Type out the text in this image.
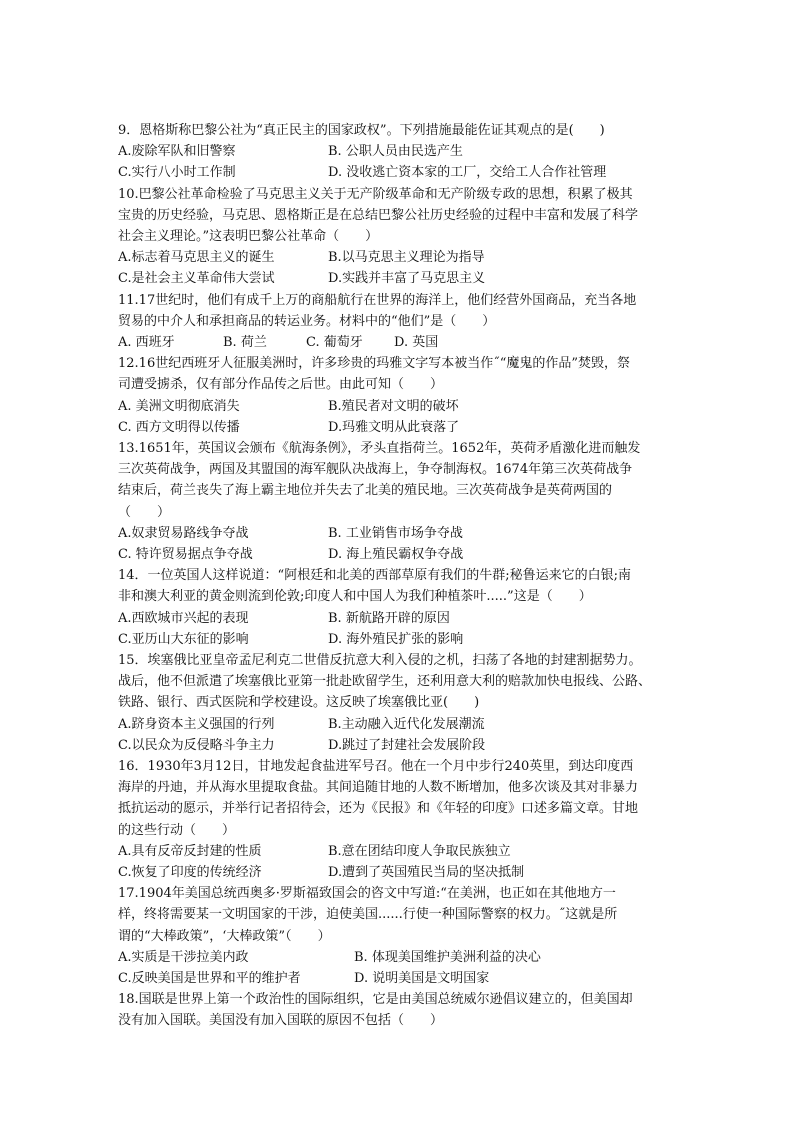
9．恩格斯称巴黎公社为“真正民主的国家政权”。下列措施最能佐证其观点的是(　　)
A.废除军队和旧警察	B. 公职人员由民选产生
C.实行八小时工作制	D. 没收逃亡资本家的工厂，交给工人合作社管理
10.巴黎公社革命检验了马克思主义关于无产阶级革命和无产阶级专政的思想，积累了极其
宝贵的历史经验，马克思、恩格斯正是在总结巴黎公社历史经验的过程中丰富和发展了科学
社会主义理论。”这表明巴黎公社革命（　　）
A.标志着马克思主义的诞生	B.以马克思主义理论为指导
C.是社会主义革命伟大尝试	D.实践并丰富了马克思主义
11.17世纪时，他们有成千上万的商船航行在世界的海洋上，他们经营外国商品，充当各地
贸易的中介人和承担商品的转运业务。材料中的“他们”是（　　）
A. 西班牙	B. 荷兰	C. 葡萄牙 D. 英国
12.16世纪西班牙人征服美洲时，许多珍贵的玛雅文字写本被当作˝“魔鬼的作品”焚毁，祭
司遭受掳杀，仅有部分作品传之后世。由此可知（　　）
A. 美洲文明彻底消失	B.殖民者对文明的破坏
C. 西方文明得以传播	D.玛雅文明从此衰落了
13.1651年，英国议会颁布《航海条例》，矛头直指荷兰。1652年，英荷矛盾激化进而触发
三次英荷战争，两国及其盟国的海军舰队决战海上，争夺制海权。1674年第三次英荷战争
结束后，荷兰丧失了海上霸主地位并失去了北美的殖民地。三次英荷战争是英荷两国的
（　　）
A.奴隶贸易路线争夺战	B. 工业销售市场争夺战
C. 特许贸易据点争夺战	D. 海上殖民霸权争夺战
14．一位英国人这样说道：“阿根廷和北美的西部草原有我们的牛群;秘鲁运来它的白银;南
非和澳大利亚的黄金则流到伦敦;印度人和中国人为我们种植茶叶.....”这是（　　）
A.西欧城市兴起的表现	B. 新航路开辟的原因
C.亚历山大东征的影响	D. 海外殖民扩张的影响
15．埃塞俄比亚皇帝孟尼利克二世借反抗意大利入侵的之机，扫荡了各地的封建割据势力。
战后，他不但派遣了埃塞俄比亚第一批赴欧留学生，还利用意大利的赔款加快电报线、公路、
铁路、银行、西式医院和学校建设。这反映了埃塞俄比亚(　　)
A.跻身资本主义强国的行列	B.主动融入近代化发展潮流
C.以民众为反侵略斗争主力	D.跳过了封建社会发展阶段
16．1930年3月12日，甘地发起食盐进军号召。他在一个月中步行240英里，到达印度西
海岸的丹迪，并从海水里提取食盐。其间追随甘地的人数不断增加，他多次谈及其对非暴力
抵抗运动的愿示，并举行记者招待会，还为《民报》和《年轻的印度》口述多篇文章。甘地
的这些行动（　　）
A.具有反帝反封建的性质	B.意在团结印度人争取民族独立
C.恢复了印度的传统经济	D.遭到了英国殖民当局的坚决抵制
17.1904年美国总统西奥多·罗斯福致国会的咨文中写道:“在美洲，也正如在其他地方一
样，终将需要某一文明国家的干涉，迫使美国......行使一种国际警察的权力。˝这就是所
谓的“大棒政策”，‘大棒政策”（　　）
A.实质是干涉拉美内政	B. 体现美国维护美洲利益的决心
C.反映美国是世界和平的维护者	D. 说明美国是文明国家
18.国联是世界上第一个政治性的国际组织，它是由美国总统威尔逊倡议建立的，但美国却
没有加入国联。美国没有加入国联的原因不包括（　　）
